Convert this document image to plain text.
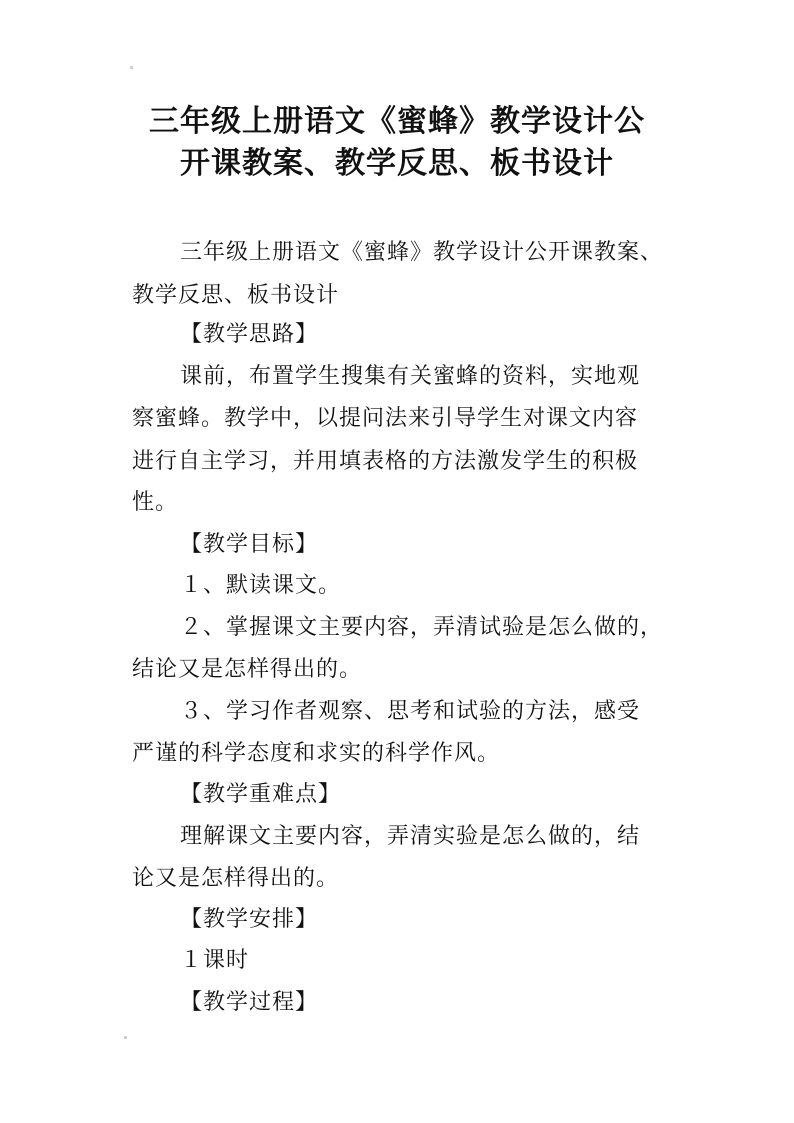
三年级上册语文《蜜蜂》教学设计公
开课教案、教学反思、板书设计
三年级上册语文《蜜蜂》教学设计公开课教案、
教学反思、板书设计
【教学思路】
课前，布置学生搜集有关蜜蜂的资料，实地观
察蜜蜂。教学中，以提问法来引导学生对课文内容
进行自主学习，并用填表格的方法激发学生的积极
性。
【教学目标】
１、默读课文。
２、掌握课文主要内容，弄清试验是怎么做的，
结论又是怎样得出的。
３、学习作者观察、思考和试验的方法，感受
严谨的科学态度和求实的科学作风。
【教学重难点】
理解课文主要内容，弄清实验是怎么做的，结
论又是怎样得出的。
【教学安排】
１课时
【教学过程】
